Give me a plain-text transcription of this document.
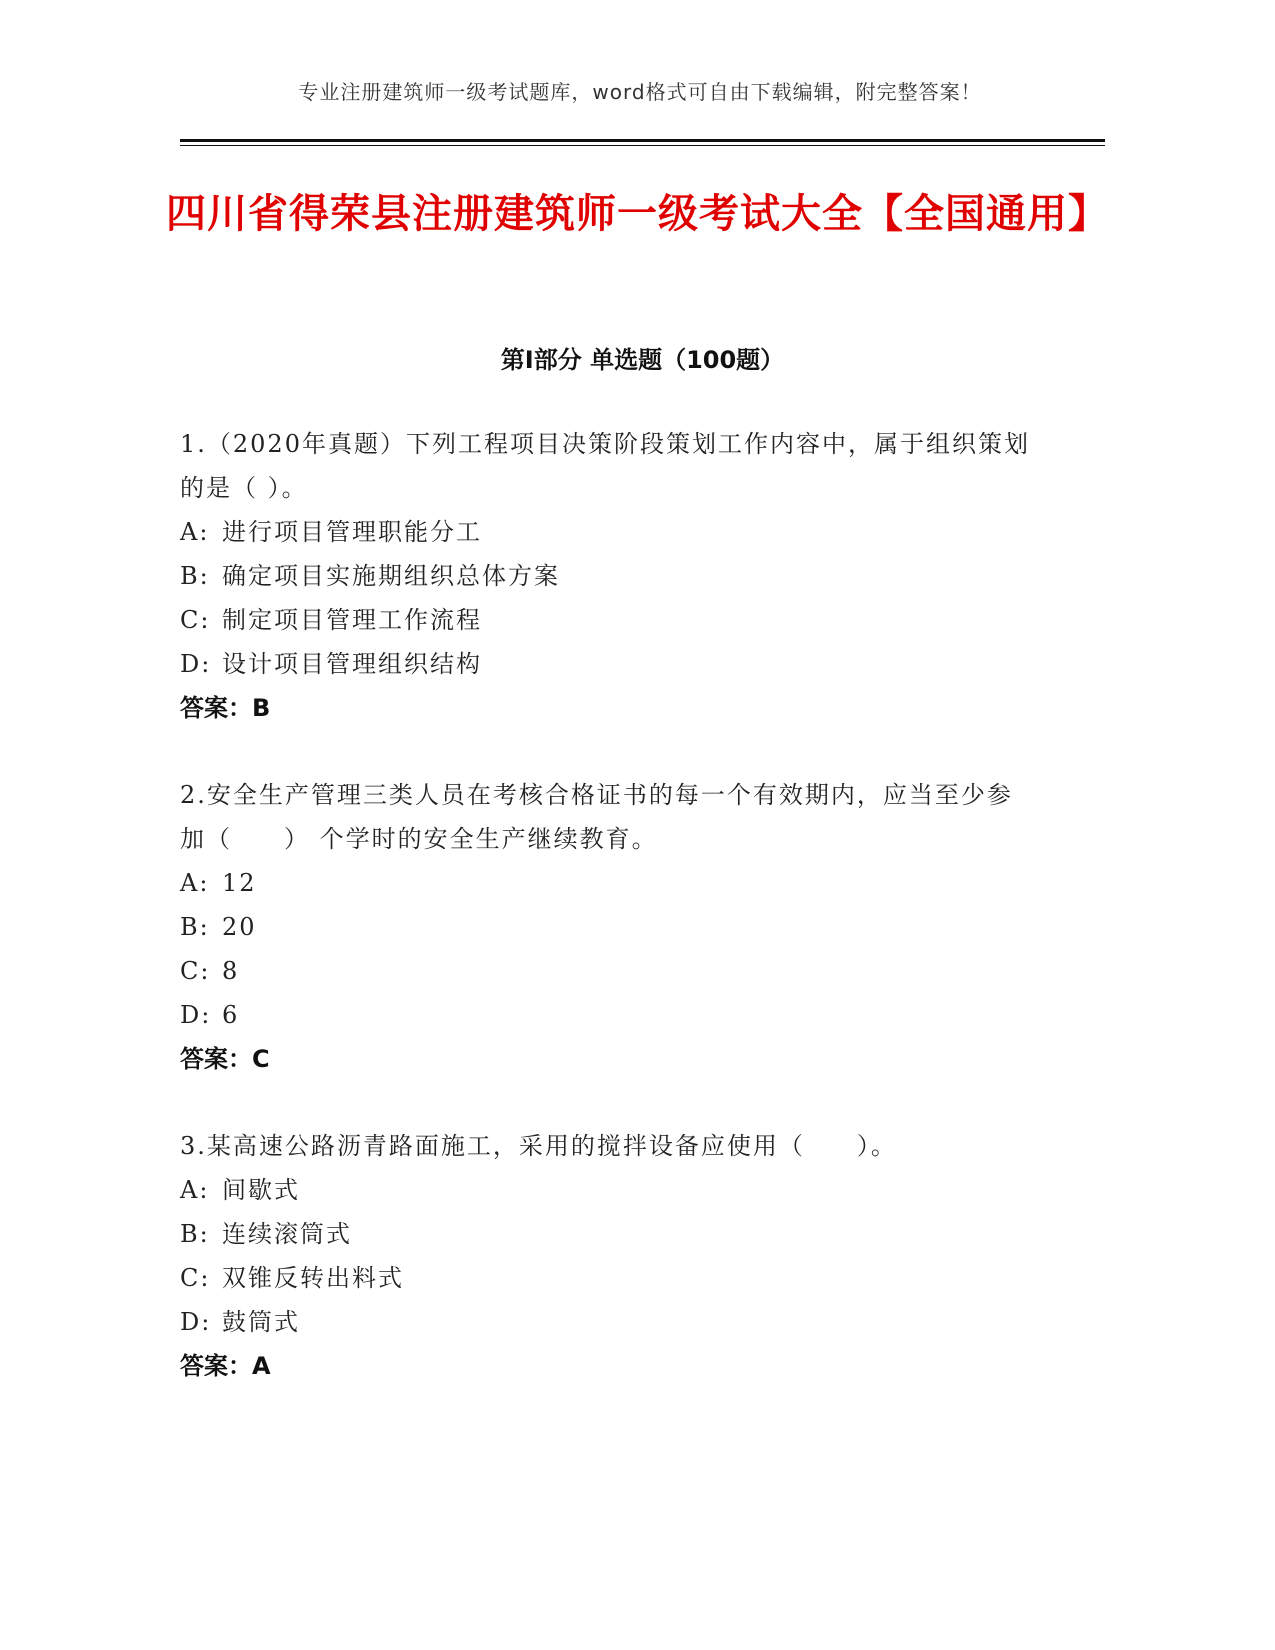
专业注册建筑师一级考试题库，word格式可自由下载编辑，附完整答案！
四川省得荣县注册建筑师一级考试大全【全国通用】
第Ⅰ部分 单选题（100题）

1.（2020年真题）下列工程项目决策阶段策划工作内容中，属于组织策划的是（ ）。

A: 进行项目管理职能分工

B: 确定项目实施期组织总体方案

C: 制定项目管理工作流程

D: 设计项目管理组织结构

答案：B

2.安全生产管理三类人员在考核合格证书的每一个有效期内，应当至少参加（　　） 个学时的安全生产继续教育。

A: 12

B: 20

C: 8

D: 6

答案：C

3.某高速公路沥青路面施工，采用的搅拌设备应使用（　　）。

A: 间歇式

B: 连续滚筒式

C: 双锥反转出料式

D: 鼓筒式

答案：A
